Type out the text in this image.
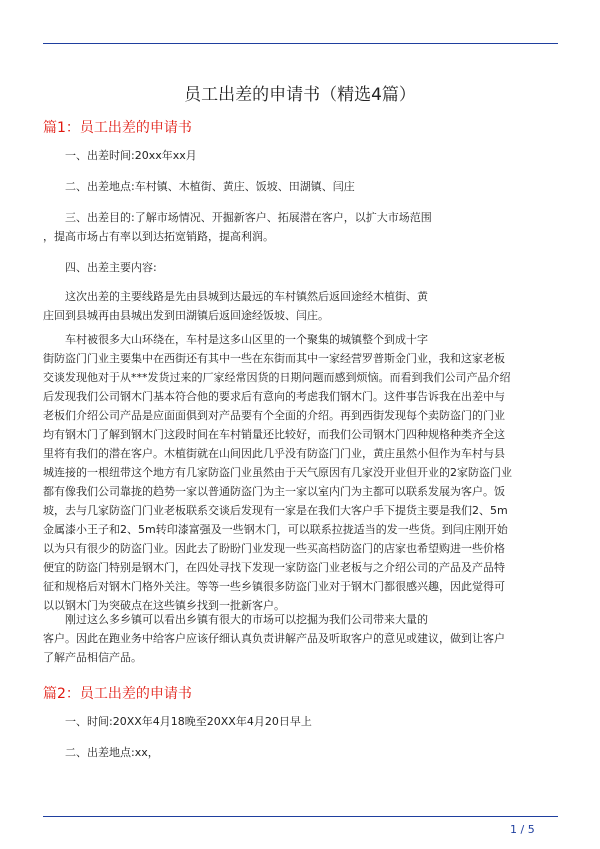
员工出差的申请书（精选4篇）
篇1：员工出差的申请书
一、出差时间:20xx年xx月
二、出差地点:车村镇、木植街、黄庄、饭坡、田湖镇、闫庄
三、出差目的:了解市场情况、开掘新客户、拓展潜在客户，以扩大市场范围
，提高市场占有率以到达拓宽销路，提高利润。
四、出差主要内容:
这次出差的主要线路是先由县城到达最远的车村镇然后返回途经木植街、黄
庄回到县城再由县城出发到田湖镇后返回途经饭坡、闫庄。
车村被很多大山环绕在，车村是这多山区里的一个聚集的城镇整个到成十字
街防盗门门业主要集中在西街还有其中一些在东街而其中一家经营罗普斯金门业，我和这家老板
交谈发现他对于从***发货过来的厂家经常因货的日期问题而感到烦恼。而看到我们公司产品介绍
后发现我们公司钢木门基本符合他的要求后有意向的考虑我们钢木门。这件事告诉我在出差中与
老板们介绍公司产品是应面面俱到对产品要有个全面的介绍。再到西街发现每个卖防盗门的门业
均有钢木门了解到钢木门这段时间在车村销量还比较好，而我们公司钢木门四种规格种类齐全这
里将有我们的潜在客户。木植街就在山间因此几乎没有防盗门门业，黄庄虽然小但作为车村与县
城连接的一根纽带这个地方有几家防盗门业虽然由于天气原因有几家没开业但开业的2家防盗门业
都有像我们公司靠拢的趋势一家以普通防盗门为主一家以室内门为主都可以联系发展为客户。饭
坡，去与几家防盗门门业老板联系交谈后发现有一家是在我们大客户手下提货主要是我们2、5m
金属漆小王子和2、5m转印漆富强及一些钢木门，可以联系拉拢适当的发一些货。到闫庄刚开始
以为只有很少的防盗门业。因此去了盼盼门业发现一些买高档防盗门的店家也希望购进一些价格
便宜的防盗门特别是钢木门，在四处寻找下发现一家防盗门业老板与之介绍公司的产品及产品特
征和规格后对钢木门格外关注。等等一些乡镇很多防盗门业对于钢木门都很感兴趣，因此觉得可
以以钢木门为突破点在这些镇乡找到一批新客户。
刚过这么多乡镇可以看出乡镇有很大的市场可以挖掘为我们公司带来大量的
客户。因此在跑业务中给客户应该仔细认真负责讲解产品及听取客户的意见或建议，做到让客户
了解产品相信产品。
篇2：员工出差的申请书
一、时间:20XX年4月18晚至20XX年4月20日早上
二、出差地点:xx，
1 / 5
